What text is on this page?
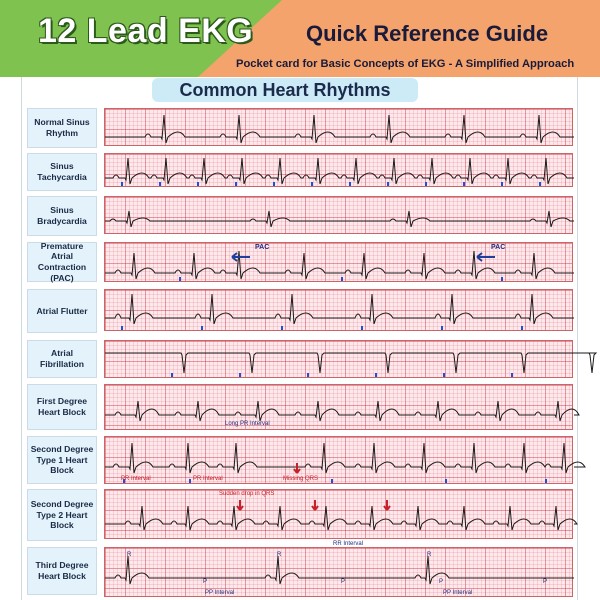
12 Lead EKG Quick Reference Guide
Pocket card for Basic Concepts of EKG - A Simplified Approach
Common Heart Rhythms
Normal Sinus Rhythm
Sinus Tachycardia
Sinus Bradycardia
Premature Atrial Contraction (PAC)
Atrial Flutter
Atrial Fibrillation
First Degree Heart Block
Second Degree Type 1 Heart Block
Second Degree Type 2 Heart Block
Third Degree Heart Block
PAC	PAC
Long PR Interval
PR Interval	PR Interval	Missing QRS
Sudden drop in QRS
RR Interval
PP Interval	PP Interval
R	R	R
P	P	P	P
